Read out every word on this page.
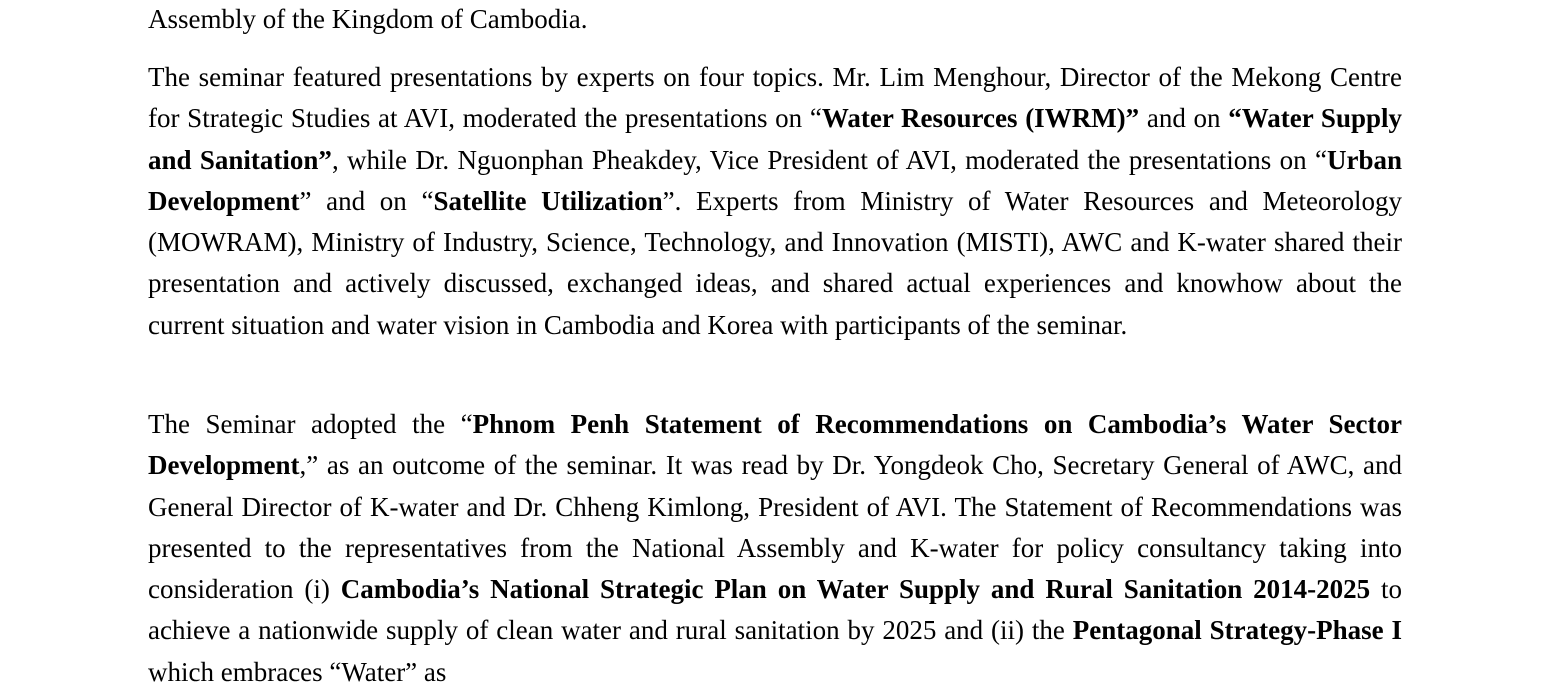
Assembly of the Kingdom of Cambodia.

The seminar featured presentations by experts on four topics. Mr. Lim Menghour, Director of the Mekong Centre for Strategic Studies at AVI, moderated the presentations on “Water Resources (IWRM)” and on “Water Supply and Sanitation”, while Dr. Nguonphan Pheakdey, Vice President of AVI, moderated the presentations on “Urban Development” and on “Satellite Utilization”. Experts from Ministry of Water Resources and Meteorology (MOWRAM), Ministry of Industry, Science, Technology, and Innovation (MISTI), AWC and K-water shared their presentation and actively discussed, exchanged ideas, and shared actual experiences and knowhow about the current situation and water vision in Cambodia and Korea with participants of the seminar.

The Seminar adopted the “Phnom Penh Statement of Recommendations on Cambodia’s Water Sector Development,” as an outcome of the seminar. It was read by Dr. Yongdeok Cho, Secretary General of AWC, and General Director of K-water and Dr. Chheng Kimlong, President of AVI. The Statement of Recommendations was presented to the representatives from the National Assembly and K-water for policy consultancy taking into consideration (i) Cambodia’s National Strategic Plan on Water Supply and Rural Sanitation 2014-2025 to achieve a nationwide supply of clean water and rural sanitation by 2025 and (ii) the Pentagonal Strategy-Phase I which embraces “Water” as
